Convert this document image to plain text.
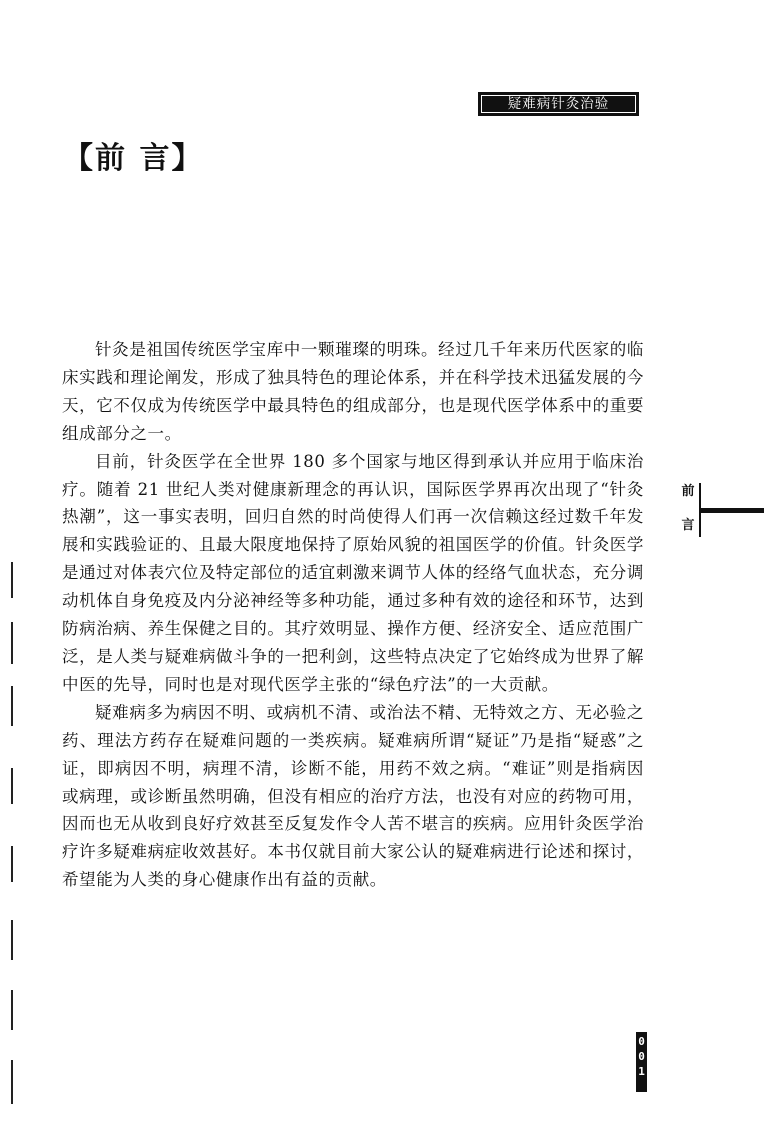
疑难病针灸治验
【前 言】

针灸是祖国传统医学宝库中一颗璀璨的明珠。经过几千年来历代医家的临床实践和理论阐发，形成了独具特色的理论体系，并在科学技术迅猛发展的今天，它不仅成为传统医学中最具特色的组成部分，也是现代医学体系中的重要组成部分之一。

目前，针灸医学在全世界 180 多个国家与地区得到承认并应用于临床治疗。随着 21 世纪人类对健康新理念的再认识，国际医学界再次出现了“针灸热潮”，这一事实表明，回归自然的时尚使得人们再一次信赖这经过数千年发展和实践验证的、且最大限度地保持了原始风貌的祖国医学的价值。针灸医学是通过对体表穴位及特定部位的适宜刺激来调节人体的经络气血状态，充分调动机体自身免疫及内分泌神经等多种功能，通过多种有效的途径和环节，达到防病治病、养生保健之目的。其疗效明显、操作方便、经济安全、适应范围广泛，是人类与疑难病做斗争的一把利剑，这些特点决定了它始终成为世界了解中医的先导，同时也是对现代医学主张的“绿色疗法”的一大贡献。

疑难病多为病因不明、或病机不清、或治法不精、无特效之方、无必验之药、理法方药存在疑难问题的一类疾病。疑难病所谓“疑证”乃是指“疑惑”之证，即病因不明，病理不清，诊断不能，用药不效之病。“难证”则是指病因或病理，或诊断虽然明确，但没有相应的治疗方法，也没有对应的药物可用，因而也无从收到良好疗效甚至反复发作令人苦不堪言的疾病。应用针灸医学治疗许多疑难病症收效甚好。本书仅就目前大家公认的疑难病进行论述和探讨，希望能为人类的身心健康作出有益的贡献。

前
言
0
0
1
